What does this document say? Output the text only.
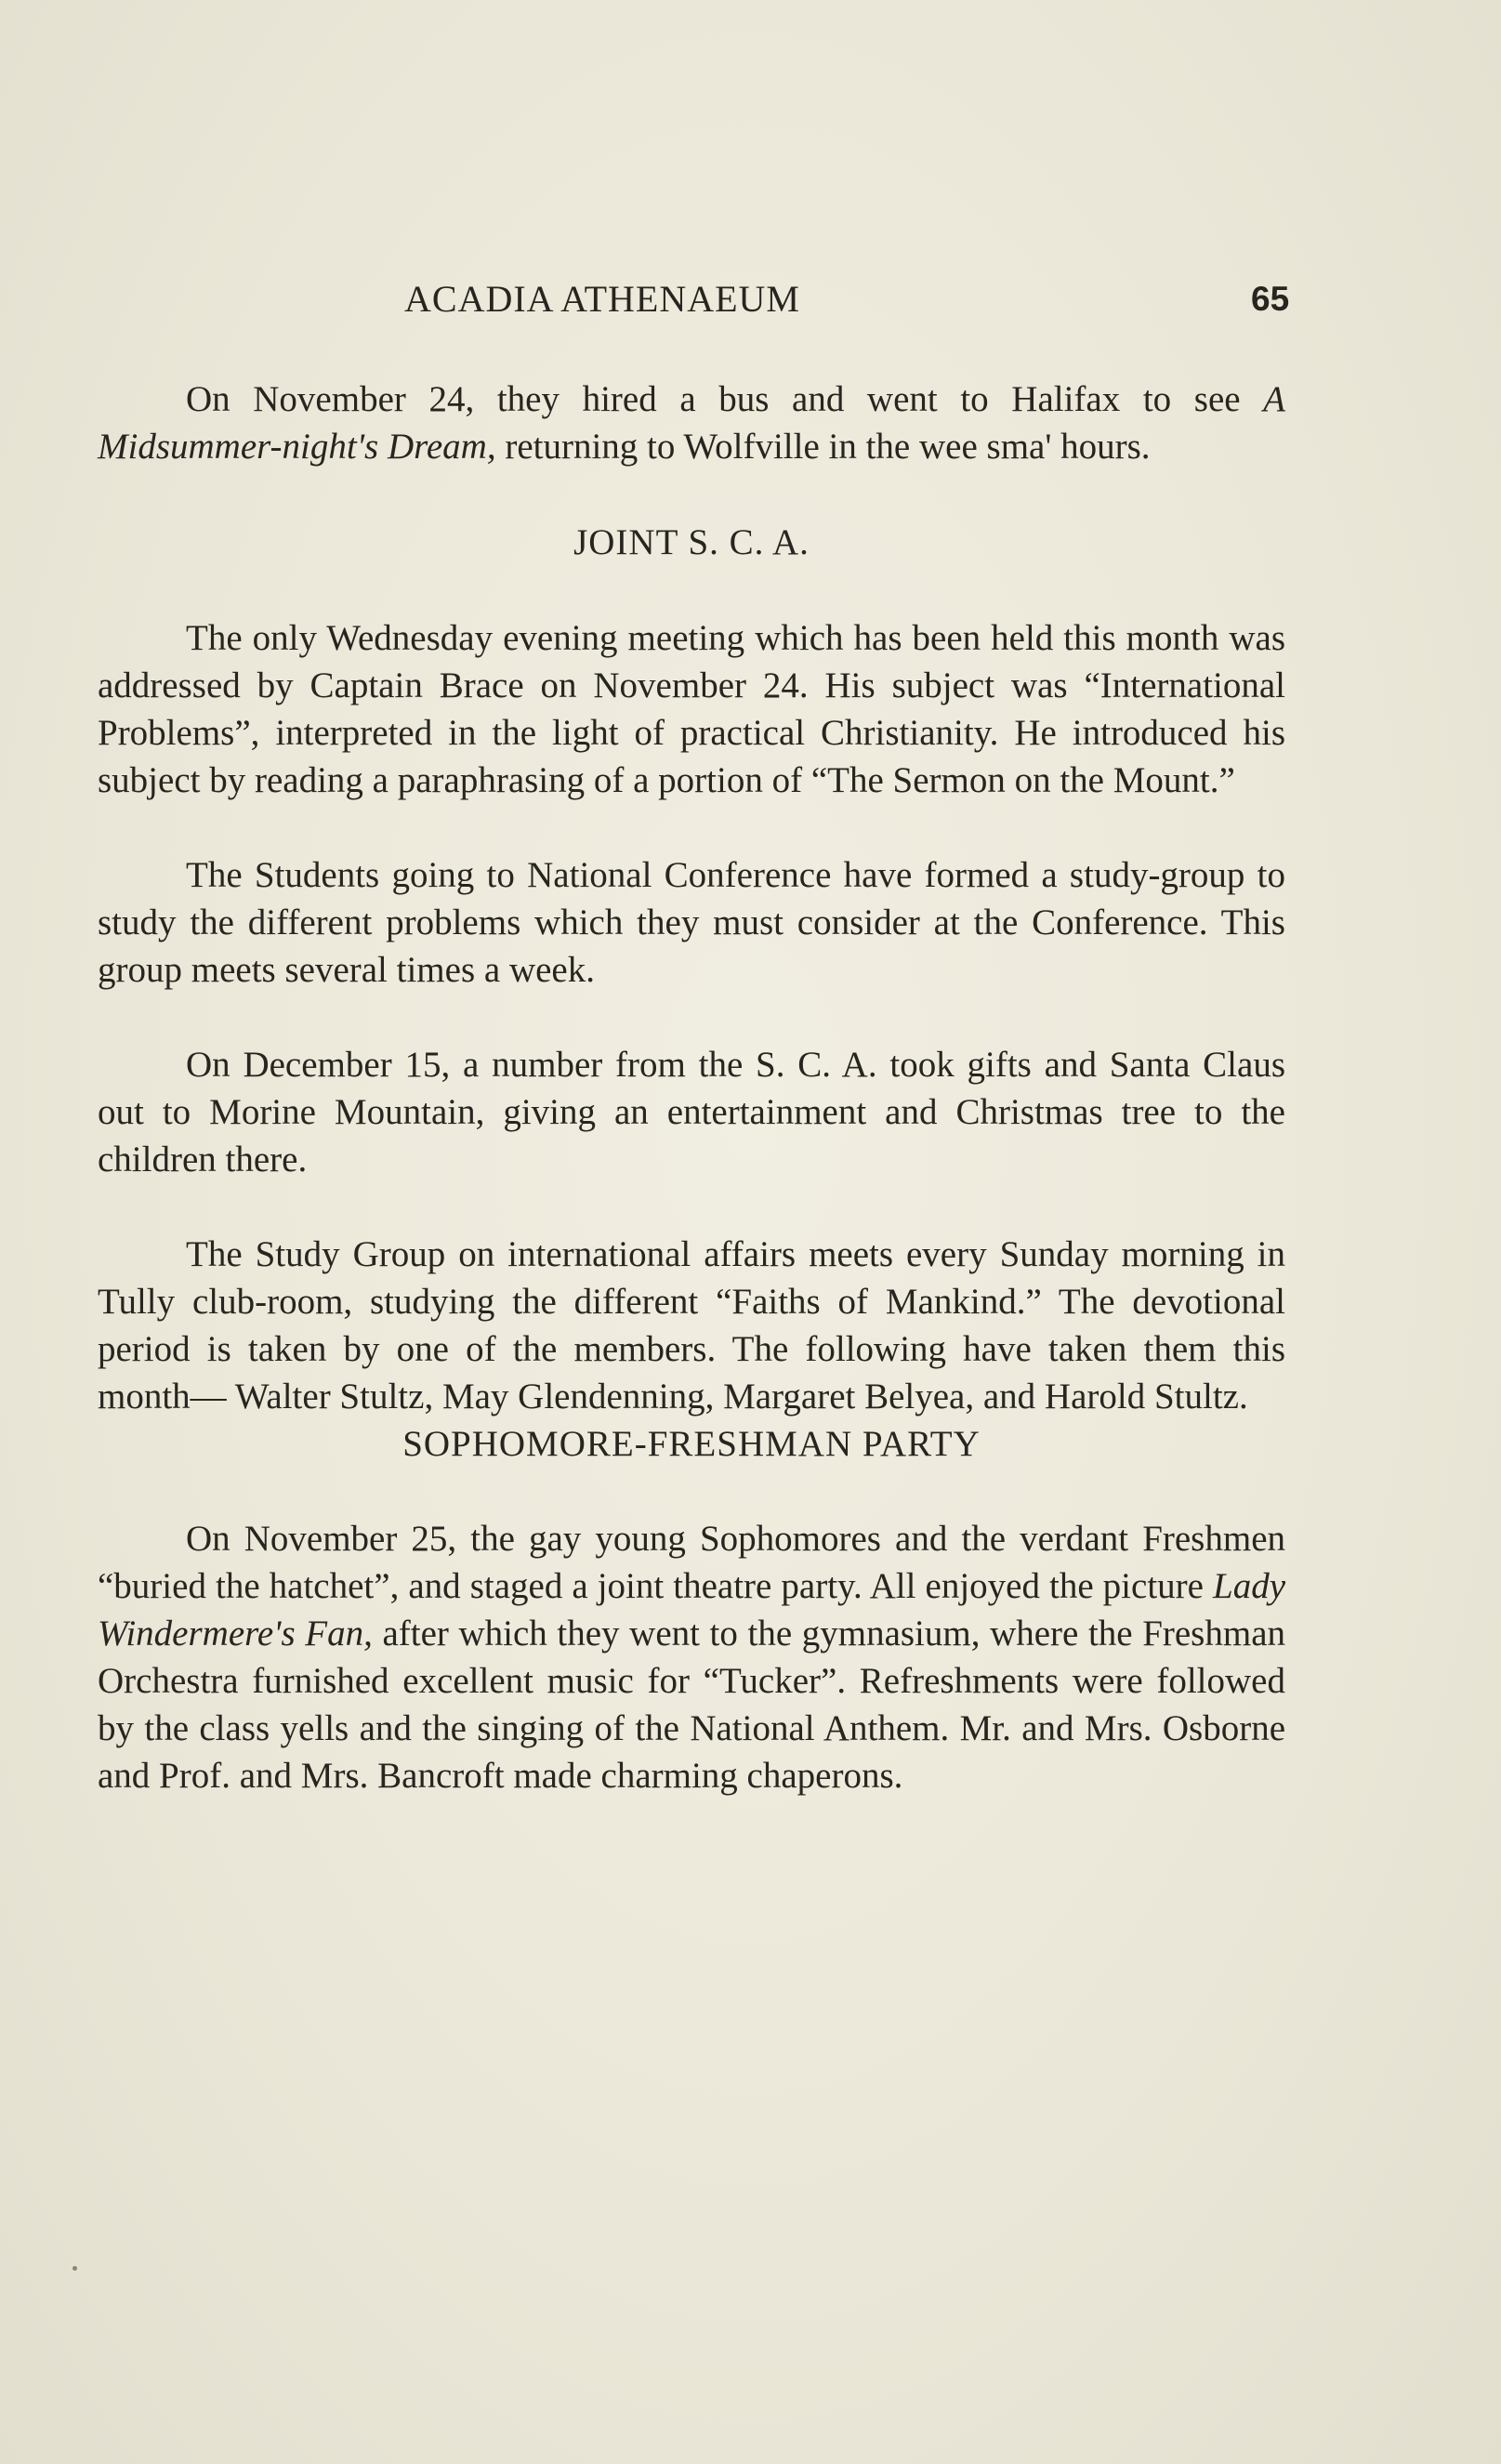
ACADIA ATHENAEUM	65

On November 24, they hired a bus and went to Halifax to see A Midsummer-night's Dream, returning to Wolfville in the wee sma' hours.

JOINT S. C. A.

The only Wednesday evening meeting which has been held this month was addressed by Captain Brace on November 24. His subject was “International Problems”, interpreted in the light of practical Christianity. He introduced his subject by reading a paraphrasing of a portion of “The Sermon on the Mount.”

The Students going to National Conference have formed a study-group to study the different problems which they must consider at the Conference. This group meets several times a week.

On December 15, a number from the S. C. A. took gifts and Santa Claus out to Morine Mountain, giving an entertainment and Christmas tree to the children there.

The Study Group on international affairs meets every Sunday morning in Tully club-room, studying the different “Faiths of Mankind.” The devotional period is taken by one of the members. The following have taken them this month— Walter Stultz, May Glendenning, Margaret Belyea, and Harold Stultz.

SOPHOMORE-FRESHMAN PARTY

On November 25, the gay young Sophomores and the verdant Freshmen “buried the hatchet”, and staged a joint theatre party. All enjoyed the picture Lady Windermere's Fan, after which they went to the gymnasium, where the Freshman Orchestra furnished excellent music for “Tucker”. Refreshments were followed by the class yells and the singing of the National Anthem. Mr. and Mrs. Osborne and Prof. and Mrs. Bancroft made charming chaperons.
